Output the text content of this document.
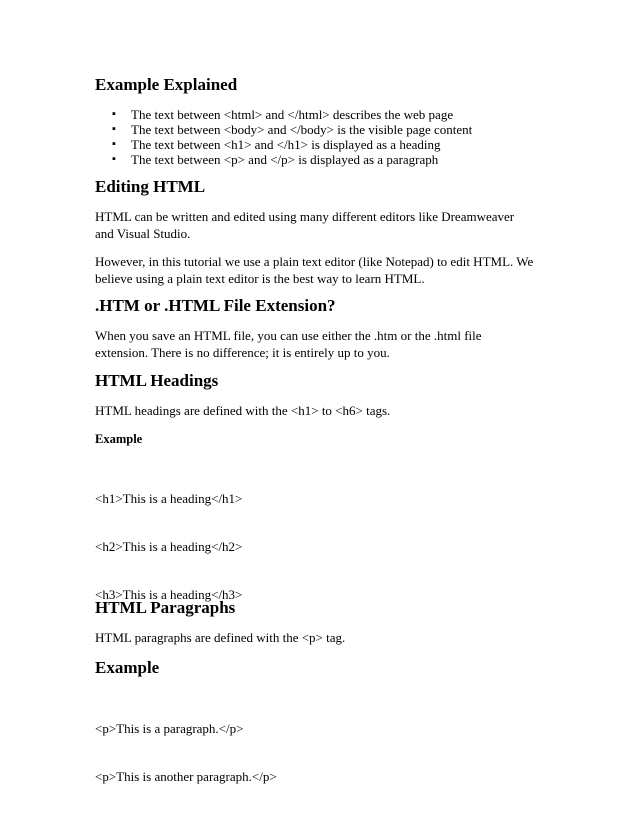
Example Explained
▪ The text between <html> and </html> describes the web page
▪ The text between <body> and </body> is the visible page content
▪ The text between <h1> and </h1> is displayed as a heading
▪ The text between <p> and </p> is displayed as a paragraph
Editing HTML

HTML can be written and edited using many different editors like Dreamweaver and Visual Studio.

However, in this tutorial we use a plain text editor (like Notepad) to edit HTML. We believe using a plain text editor is the best way to learn HTML.

.HTM or .HTML File Extension?

When you save an HTML file, you can use either the .htm or the .html file extension. There is no difference; it is entirely up to you.

HTML Headings

HTML headings are defined with the <h1> to <h6> tags.

Example

<h1>This is a heading</h1>

<h2>This is a heading</h2>

<h3>This is a heading</h3>

HTML Paragraphs

HTML paragraphs are defined with the <p> tag.

Example

<p>This is a paragraph.</p>

<p>This is another paragraph.</p>
